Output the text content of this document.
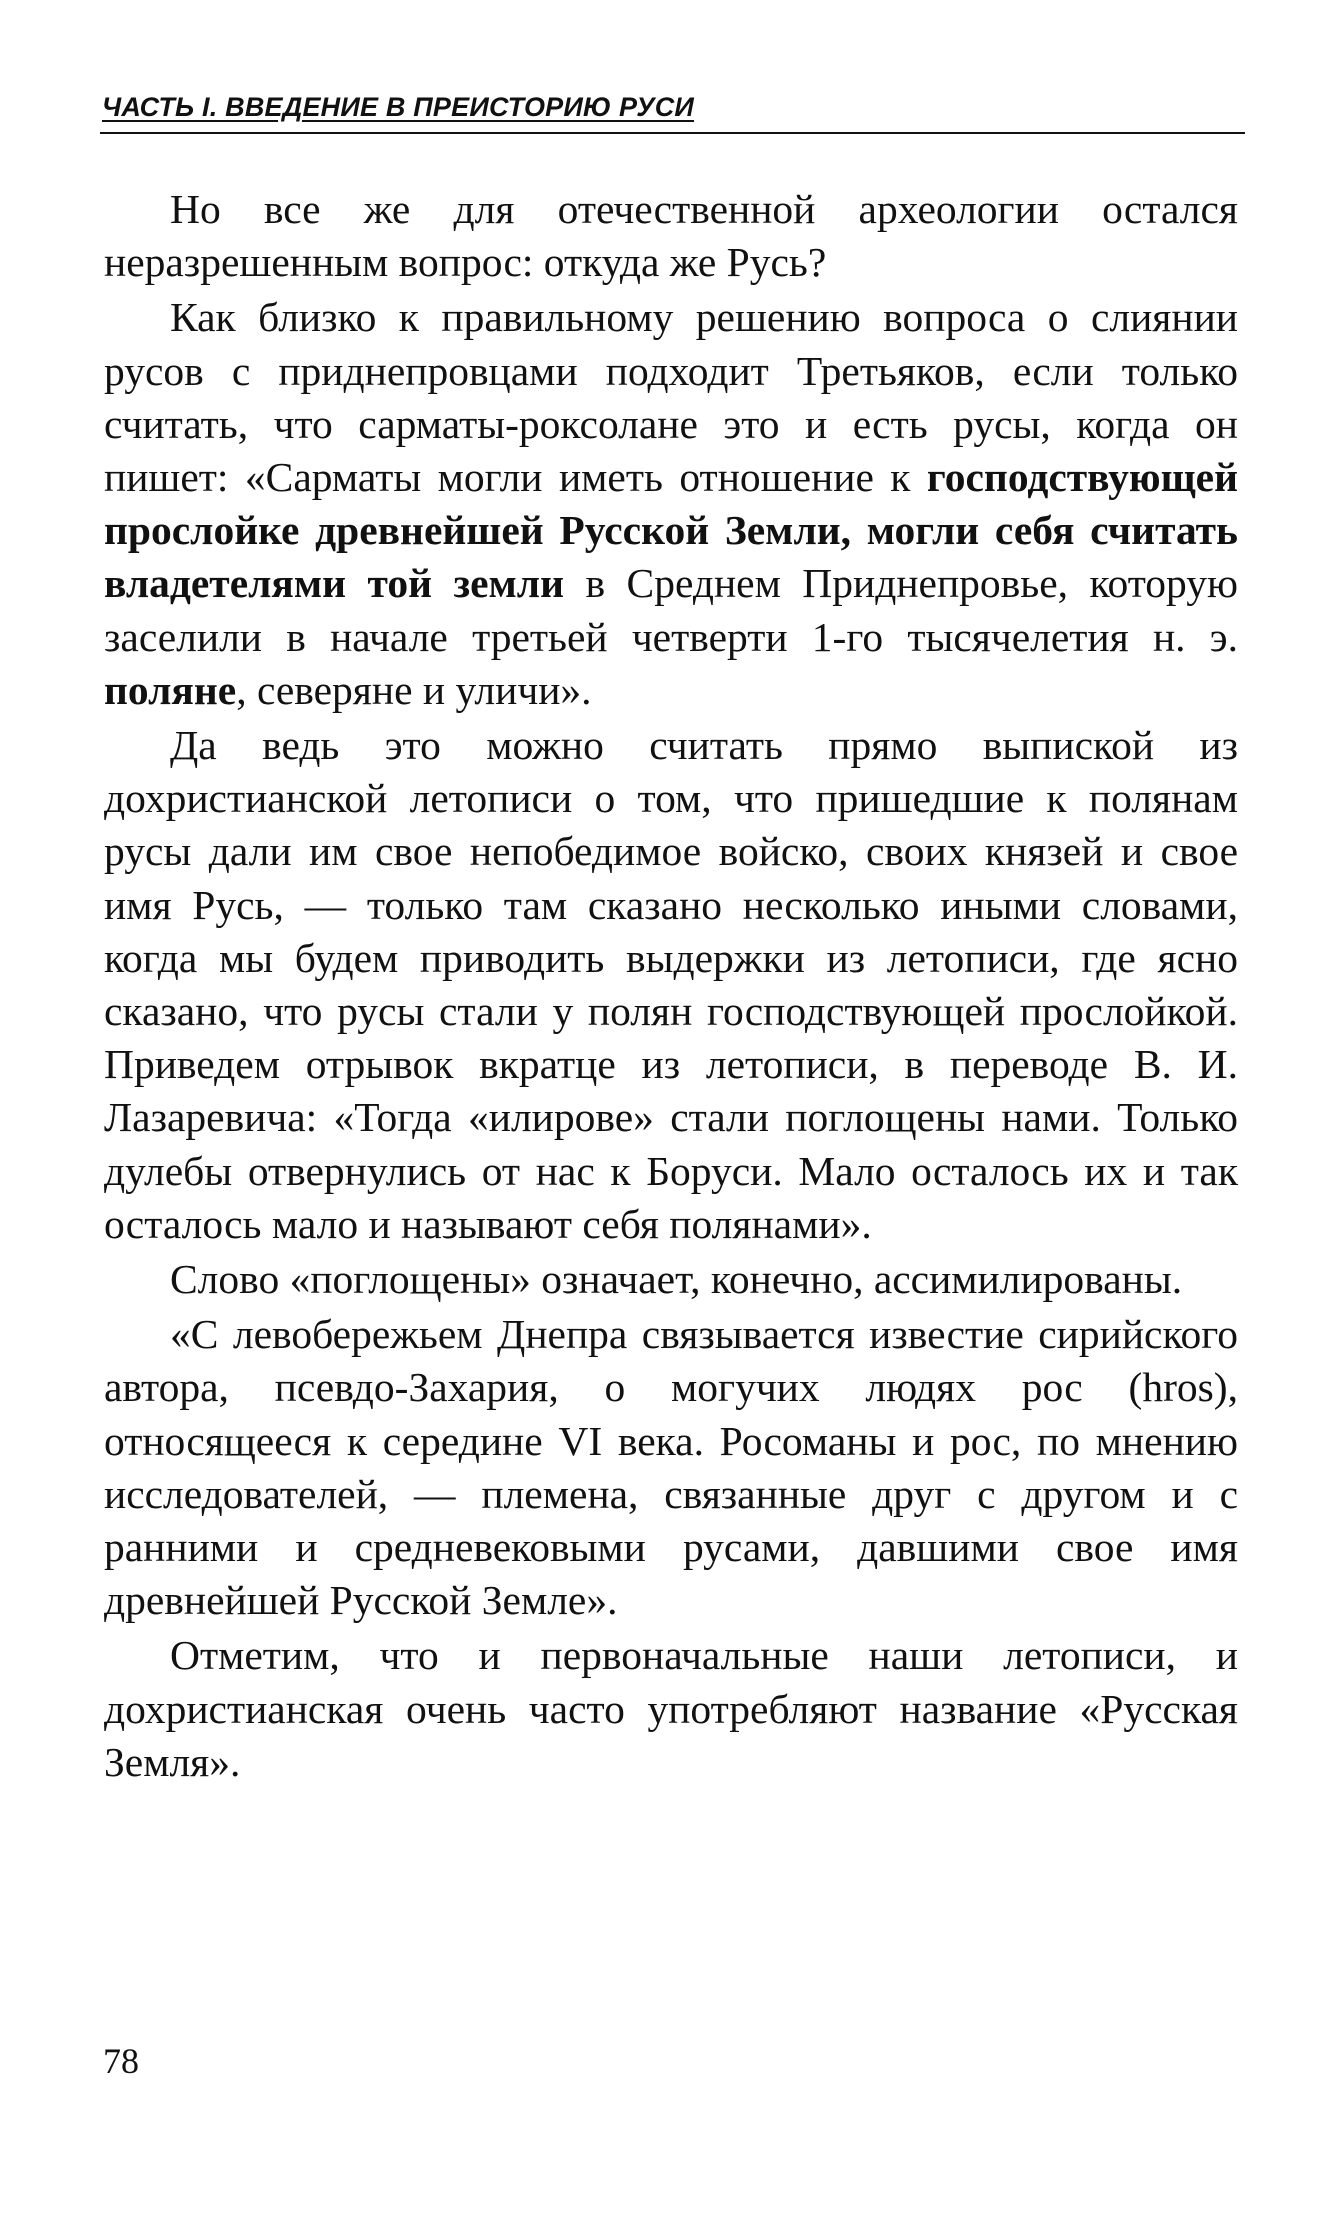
ЧАСТЬ I. ВВЕДЕНИЕ В ПРЕИСТОРИЮ РУСИ

Но все же для отечественной археологии остался неразрешенным вопрос: откуда же Русь?

Как близко к правильному решению вопроса о слиянии русов с приднепровцами подходит Третьяков, если только считать, что сарматы-роксолане это и есть русы, когда он пишет: «Сарматы могли иметь отношение к господствующей прослойке древнейшей Русской Земли, могли себя считать владетелями той земли в Среднем Приднепровье, которую заселили в начале третьей четверти 1-го тысячелетия н. э. поляне, северяне и уличи».

Да ведь это можно считать прямо выпиской из дохристианской летописи о том, что пришедшие к полянам русы дали им свое непобедимое войско, своих князей и свое имя Русь, — только там сказано несколько иными словами, когда мы будем приводить выдержки из летописи, где ясно сказано, что русы стали у полян господствующей прослойкой. Приведем отрывок вкратце из летописи, в переводе В. И. Лазаревича: «Тогда «илирове» стали поглощены нами. Только дулебы отвернулись от нас к Боруси. Мало осталось их и так осталось мало и называют себя полянами».

Слово «поглощены» означает, конечно, ассимилированы.

«С левобережьем Днепра связывается известие сирийского автора, псевдо-Захария, о могучих людях рос (hros), относящееся к середине VI века. Росоманы и рос, по мнению исследователей, — племена, связанные друг с другом и с ранними и средневековыми русами, давшими свое имя древнейшей Русской Земле».

Отметим, что и первоначальные наши летописи, и дохристианская очень часто употребляют название «Русская Земля».

78
